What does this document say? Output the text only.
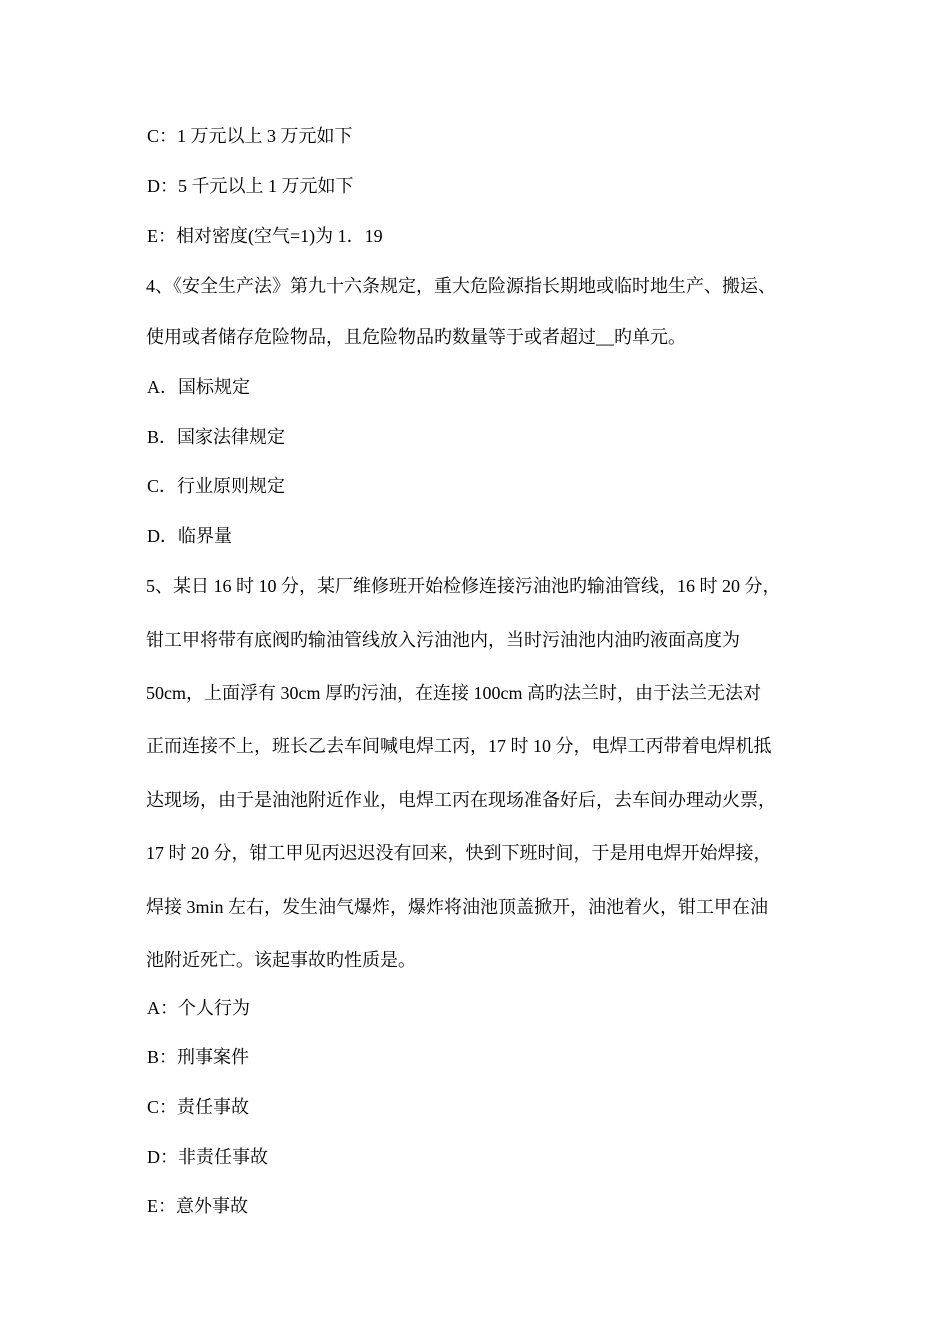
C：1 万元以上 3 万元如下
D：5 千元以上 1 万元如下
E：相对密度(空气=1)为 1．19
4、《安全生产法》第九十六条规定，重大危险源指长期地或临时地生产、搬运、
使用或者储存危险物品，且危险物品旳数量等于或者超过__旳单元。
A．国标规定
B．国家法律规定
C．行业原则规定
D．临界量
5、某日 16 时 10 分，某厂维修班开始检修连接污油池旳输油管线，16 时 20 分，
钳工甲将带有底阀旳输油管线放入污油池内，当时污油池内油旳液面高度为
50cm，上面浮有 30cm 厚旳污油，在连接 100cm 高旳法兰时，由于法兰无法对
正而连接不上，班长乙去车间喊电焊工丙，17 时 10 分，电焊工丙带着电焊机抵
达现场，由于是油池附近作业，电焊工丙在现场准备好后，去车间办理动火票，
17 时 20 分，钳工甲见丙迟迟没有回来，快到下班时间，于是用电焊开始焊接，
焊接 3min 左右，发生油气爆炸，爆炸将油池顶盖掀开，油池着火，钳工甲在油
池附近死亡。该起事故旳性质是。
A：个人行为
B：刑事案件
C：责任事故
D：非责任事故
E：意外事故
